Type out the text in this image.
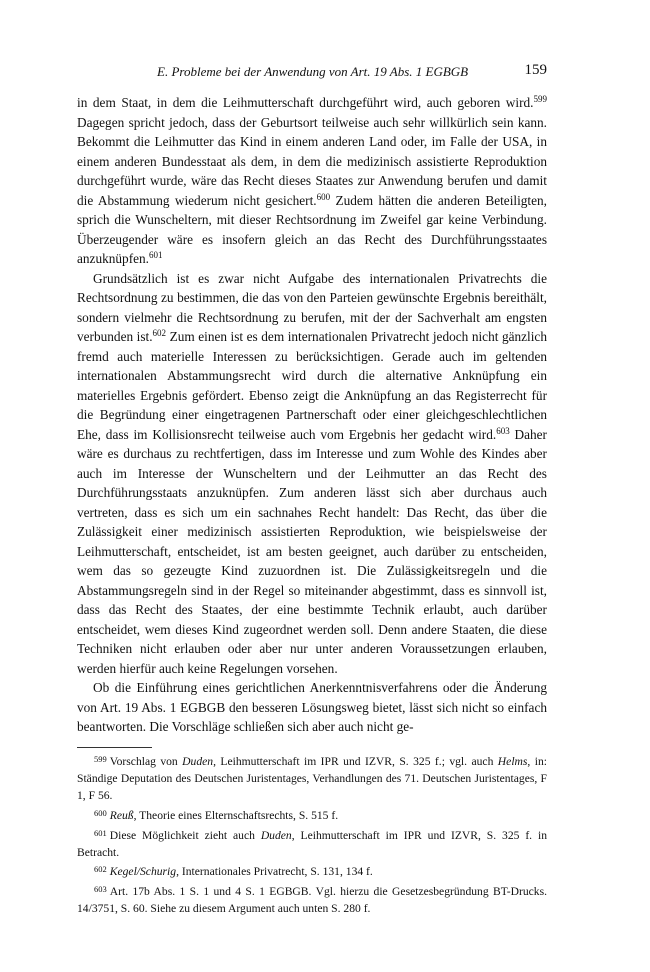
E. Probleme bei der Anwendung von Art. 19 Abs. 1 EGBGB	159

in dem Staat, in dem die Leihmutterschaft durchgeführt wird, auch geboren wird.$^{599}$ Dagegen spricht jedoch, dass der Geburtsort teilweise auch sehr willkürlich sein kann. Bekommt die Leihmutter das Kind in einem anderen Land oder, im Falle der USA, in einem anderen Bundesstaat als dem, in dem die medizinisch assistierte Reproduktion durchgeführt wurde, wäre das Recht dieses Staates zur Anwendung berufen und damit die Abstammung wiederum nicht gesichert.$^{600}$ Zudem hätten die anderen Beteiligten, sprich die Wunscheltern, mit dieser Rechtsordnung im Zweifel gar keine Verbindung. Überzeugender wäre es insofern gleich an das Recht des Durchführungsstaates anzuknüpfen.$^{601}$

Grundsätzlich ist es zwar nicht Aufgabe des internationalen Privatrechts die Rechtsordnung zu bestimmen, die das von den Parteien gewünschte Ergebnis bereithält, sondern vielmehr die Rechtsordnung zu berufen, mit der der Sachverhalt am engsten verbunden ist.$^{602}$ Zum einen ist es dem internationalen Privatrecht jedoch nicht gänzlich fremd auch materielle Interessen zu berücksichtigen. Gerade auch im geltenden internationalen Abstammungsrecht wird durch die alternative Anknüpfung ein materielles Ergebnis gefördert. Ebenso zeigt die Anknüpfung an das Registerrecht für die Begründung einer eingetragenen Partnerschaft oder einer gleichgeschlechtlichen Ehe, dass im Kollisionsrecht teilweise auch vom Ergebnis her gedacht wird.$^{603}$ Daher wäre es durchaus zu rechtfertigen, dass im Interesse und zum Wohle des Kindes aber auch im Interesse der Wunscheltern und der Leihmutter an das Recht des Durchführungsstaats anzuknüpfen. Zum anderen lässt sich aber durchaus auch vertreten, dass es sich um ein sachnahes Recht handelt: Das Recht, das über die Zulässigkeit einer medizinisch assistierten Reproduktion, wie beispielsweise der Leihmutterschaft, entscheidet, ist am besten geeignet, auch darüber zu entscheiden, wem das so gezeugte Kind zuzuordnen ist. Die Zulässigkeitsregeln und die Abstammungsregeln sind in der Regel so miteinander abgestimmt, dass es sinnvoll ist, dass das Recht des Staates, der eine bestimmte Technik erlaubt, auch darüber entscheidet, wem dieses Kind zugeordnet werden soll. Denn andere Staaten, die diese Techniken nicht erlauben oder aber nur unter anderen Voraussetzungen erlauben, werden hierfür auch keine Regelungen vorsehen.

Ob die Einführung eines gerichtlichen Anerkenntnisverfahrens oder die Änderung von Art. 19 Abs. 1 EGBGB den besseren Lösungsweg bietet, lässt sich nicht so einfach beantworten. Die Vorschläge schließen sich aber auch nicht ge-

$^{599}$ Vorschlag von Duden, Leihmutterschaft im IPR und IZVR, S. 325 f.; vgl. auch Helms, in: Ständige Deputation des Deutschen Juristentages, Verhandlungen des 71. Deutschen Juristentages, F 1, F 56.

$^{600}$ Reuß, Theorie eines Elternschaftsrechts, S. 515 f.

$^{601}$ Diese Möglichkeit zieht auch Duden, Leihmutterschaft im IPR und IZVR, S. 325 f. in Betracht.

$^{602}$ Kegel/Schurig, Internationales Privatrecht, S. 131, 134 f.

$^{603}$ Art. 17b Abs. 1 S. 1 und 4 S. 1 EGBGB. Vgl. hierzu die Gesetzesbegründung BT-Drucks. 14/3751, S. 60. Siehe zu diesem Argument auch unten S. 280 f.
